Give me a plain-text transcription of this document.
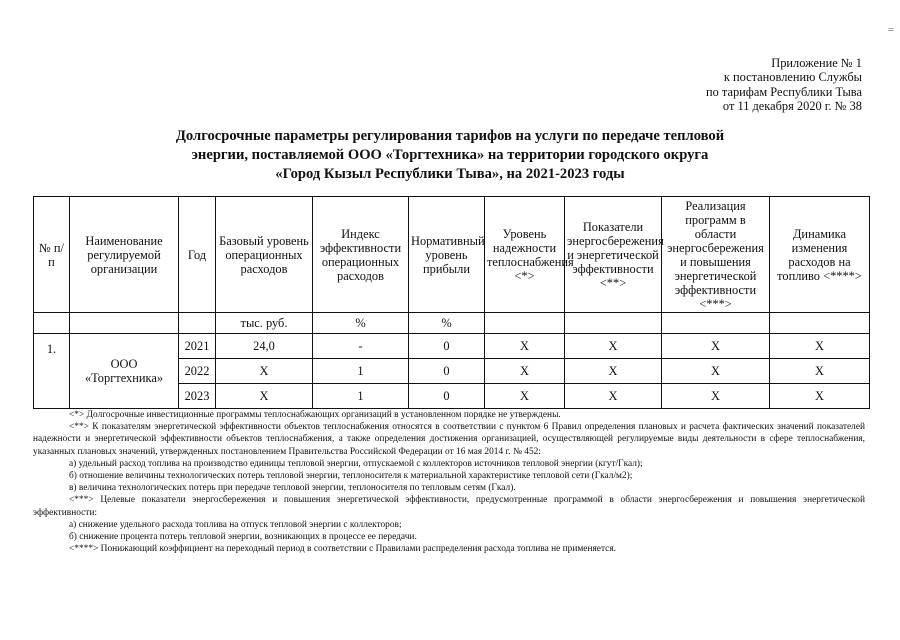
=
Приложение № 1
к постановлению Службы
по тарифам Республики Тыва
от 11 декабря 2020 г. № 38
Долгосрочные параметры регулирования тарифов на услуги по передаче тепловой
энергии, поставляемой ООО «Торгтехника» на территории городского округа
«Город Кызыл Республики Тыва», на 2021-2023 годы
№ п/п	Наименование регулируемой организации	Год	Базовый уровень операционных расходов	Индекс эффективности операционных расходов	Нормативный уровень прибыли	Уровень надежности теплоснабжения <*>	Показатели энергосбережения и энергетической эффективности <**>	Реализация программ в области энергосбережения и повышения энергетической эффективности <***>	Динамика изменения расходов на топливо <****>
			тыс. руб.	%	%				
1.	ООО «Торгтехника»	2021	24,0	-	0	Х	Х	Х	Х
		2022	Х	1	0	Х	Х	Х	Х
		2023	Х	1	0	Х	Х	Х	Х

<*> Долгосрочные инвестиционные программы теплоснабжающих организаций в установленном порядке не утверждены.

<**> К показателям энергетической эффективности объектов теплоснабжения относятся в соответствии с пунктом 6 Правил определения плановых и расчета фактических значений показателей надежности и энергетической эффективности объектов теплоснабжения, а также определения достижения организацией, осуществляющей регулируемые виды деятельности в сфере теплоснабжения, указанных плановых значений, утвержденных постановлением Правительства Российской Федерации от 16 мая 2014 г. № 452:

а) удельный расход топлива на производство единицы тепловой энергии, отпускаемой с коллекторов источников тепловой энергии (кгут/Гкал);

б) отношение величины технологических потерь тепловой энергии, теплоносителя к материальной характеристике тепловой сети (Гкал/м2);

в) величина технологических потерь при передаче тепловой энергии, теплоносителя по тепловым сетям (Гкал).

<***> Целевые показатели энергосбережения и повышения энергетической эффективности, предусмотренные программой в области энергосбережения и повышения энергетической эффективности:

а) снижение удельного расхода топлива на отпуск тепловой энергии с коллекторов;

б) снижение процента потерь тепловой энергии, возникающих в процессе ее передачи.

<****> Понижающий коэффициент на переходный период в соответствии с Правилами распределения расхода топлива не применяется.
